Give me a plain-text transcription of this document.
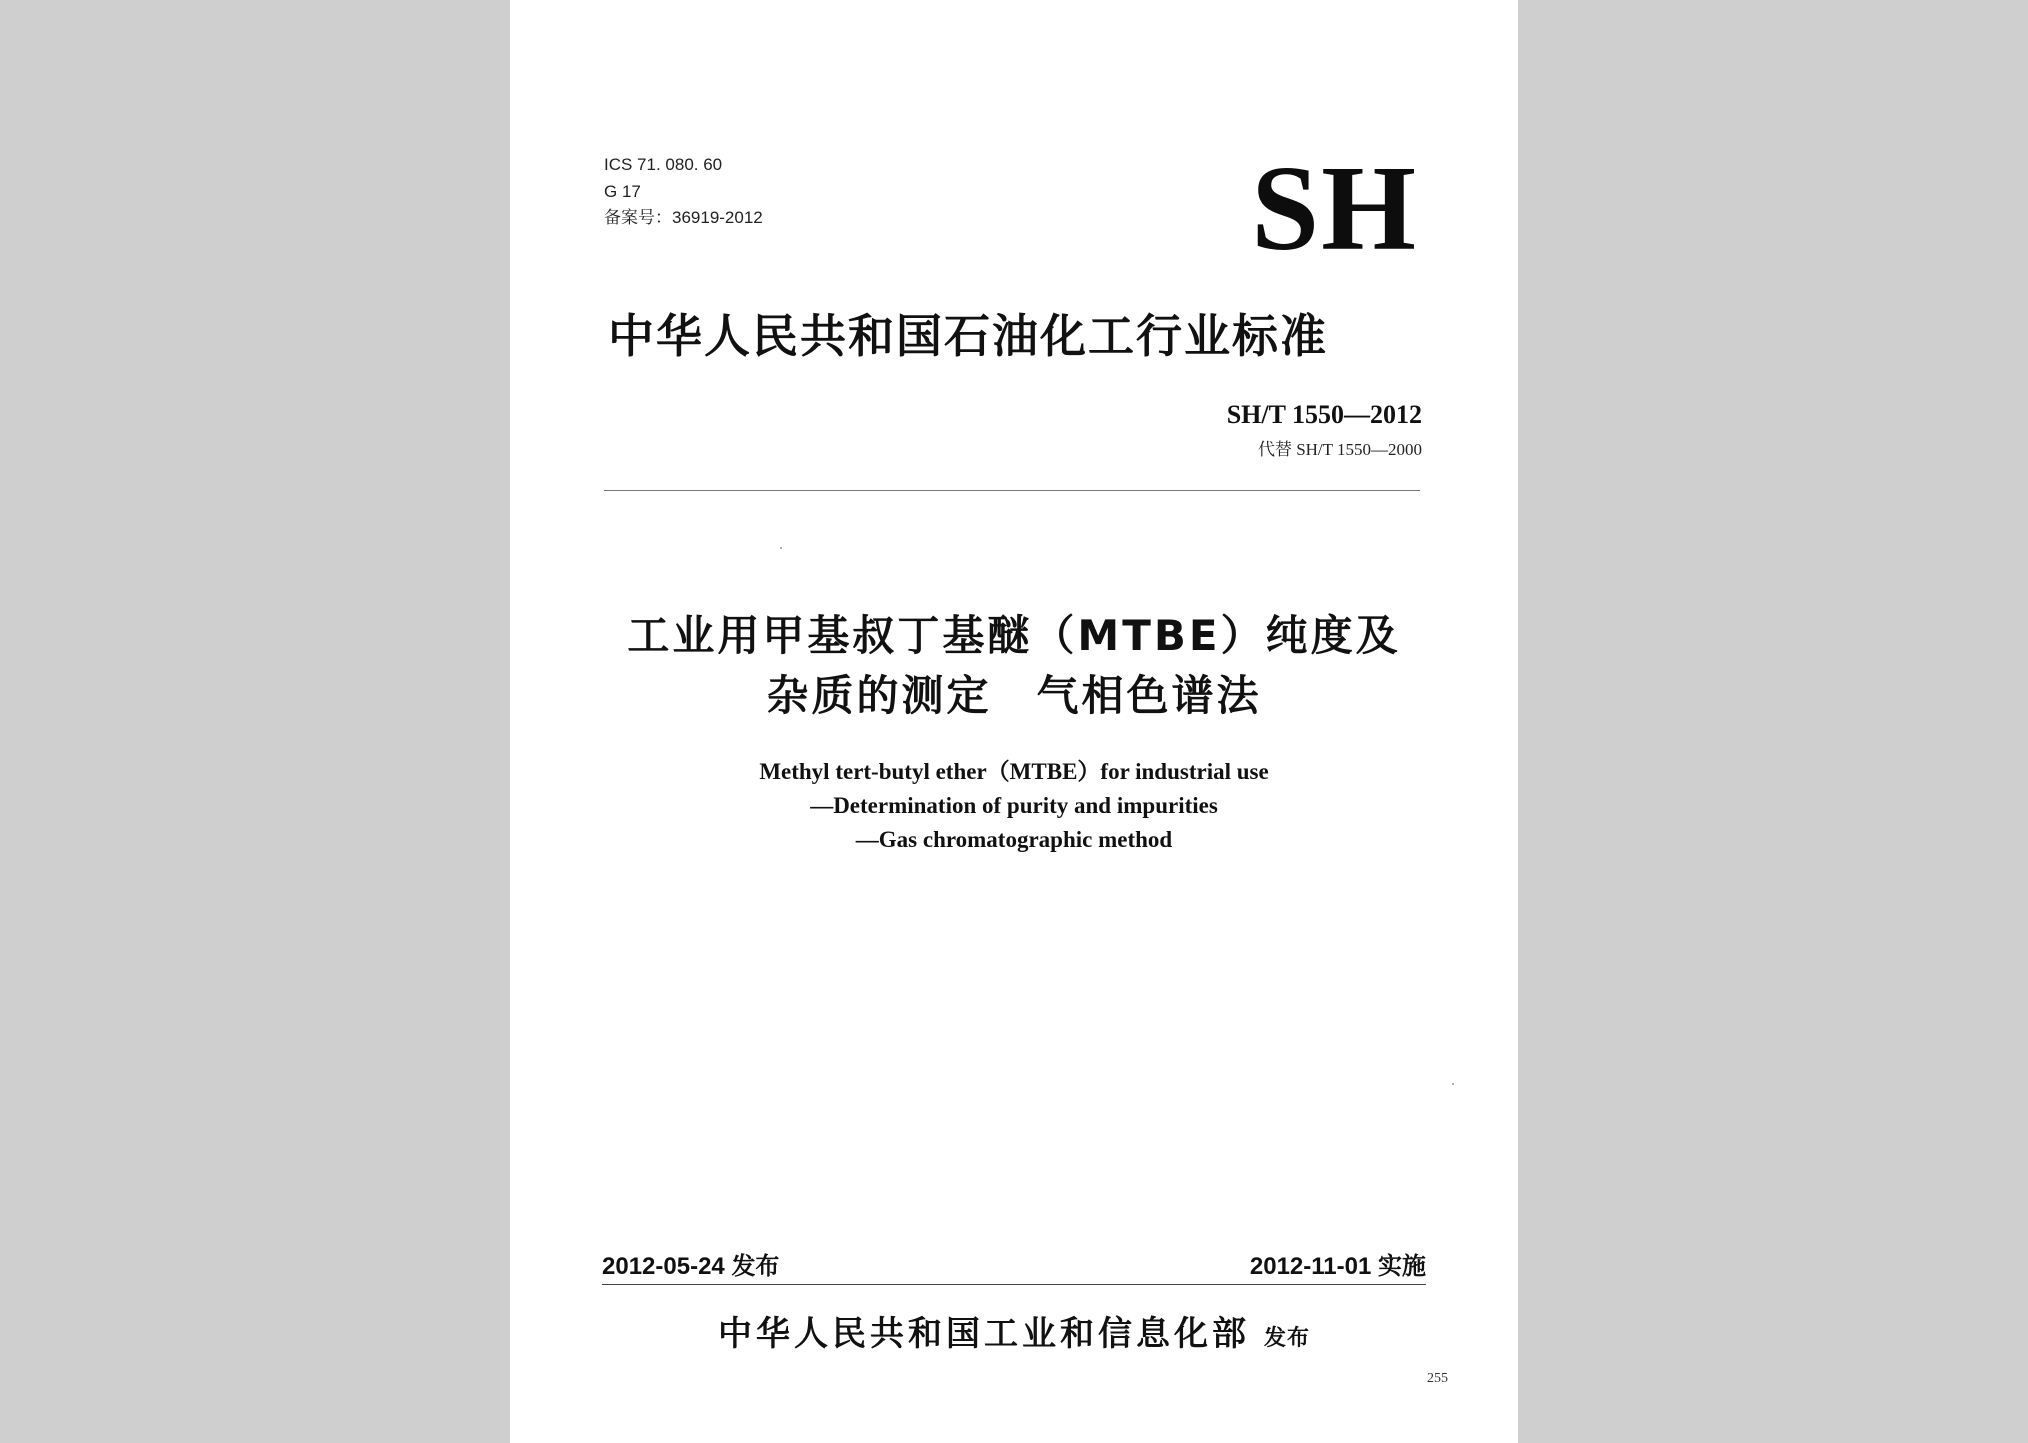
ICS 71. 080. 60

G 17

备案号：36919-2012	SH

中华人民共和国石油化工行业标准

SH/T 1550—2012

代替 SH/T 1550—2000

工业用甲基叔丁基醚（MTBE）纯度及

杂质的测定　气相色谱法

Methyl tert-butyl ether（MTBE）for industrial use

—Determination of purity and impurities

—Gas chromatographic method

2012-05-24 发布	2012-11-01 实施

中华人民共和国工业和信息化部 发布

255
